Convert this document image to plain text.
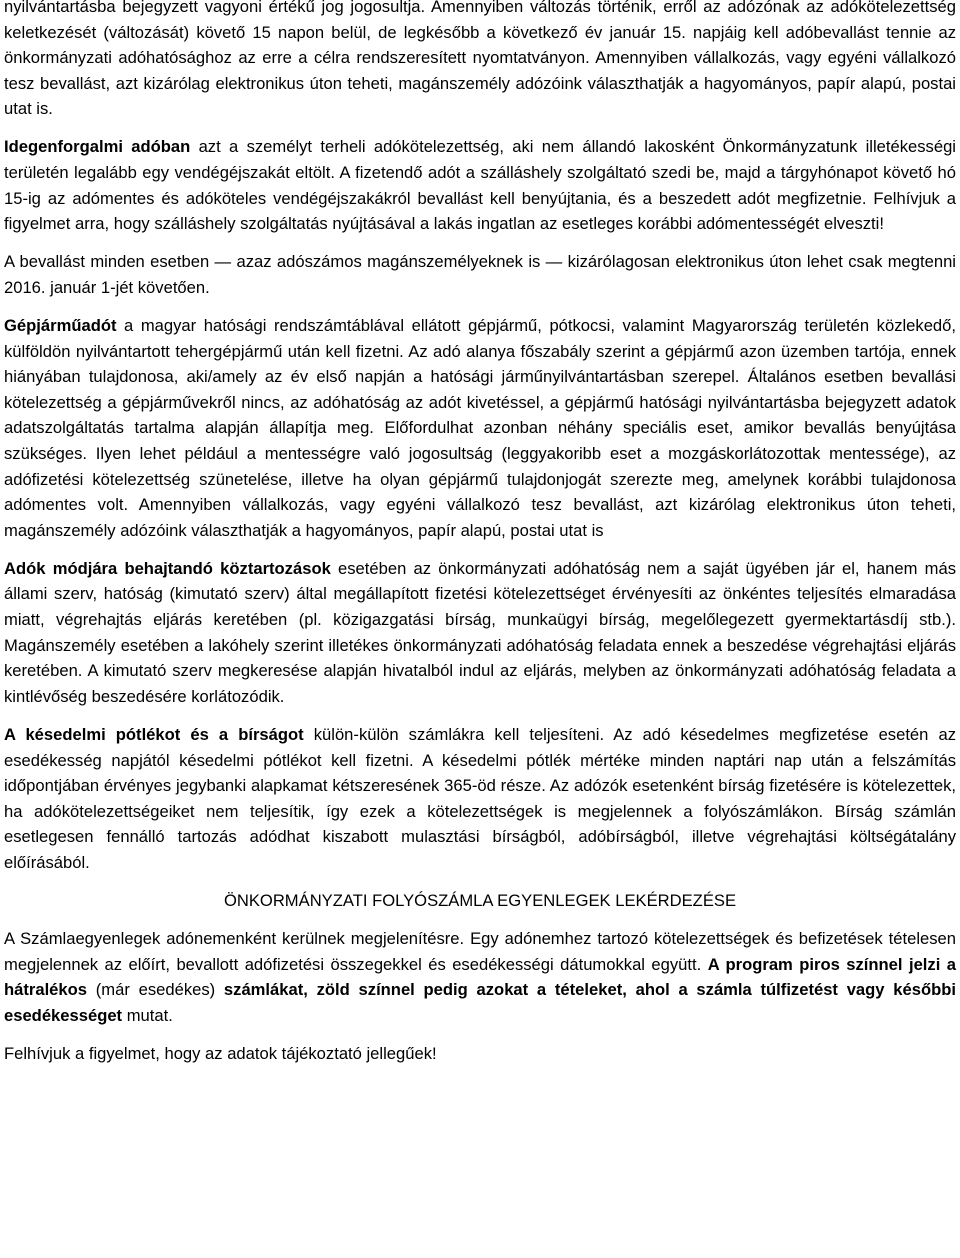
nyilvántartásba bejegyzett vagyoni értékű jog jogosultja. Amennyiben változás történik, erről az adózónak az adókötelezettség keletkezését (változását) követő 15 napon belül, de legkésőbb a következő év január 15. napjáig kell adóbevallást tennie az önkormányzati adóhatósághoz az erre a célra rendszeresített nyomtatványon. Amennyiben vállalkozás, vagy egyéni vállalkozó tesz bevallást, azt kizárólag elektronikus úton teheti, magánszemély adózóink választhatják a hagyományos, papír alapú, postai utat is.

Idegenforgalmi adóban azt a személyt terheli adókötelezettség, aki nem állandó lakosként Önkormányzatunk illetékességi területén legalább egy vendégéjszakát eltölt. A fizetendő adót a szálláshely szolgáltató szedi be, majd a tárgyhónapot követő hó 15-ig az adómentes és adóköteles vendégéjszakákról bevallást kell benyújtania, és a beszedett adót megfizetnie. Felhívjuk a figyelmet arra, hogy szálláshely szolgáltatás nyújtásával a lakás ingatlan az esetleges korábbi adómentességét elveszti!

A bevallást minden esetben — azaz adószámos magánszemélyeknek is — kizárólagosan elektronikus úton lehet csak megtenni 2016. január 1-jét követően.

Gépjárműadót a magyar hatósági rendszámtáblával ellátott gépjármű, pótkocsi, valamint Magyarország területén közlekedő, külföldön nyilvántartott tehergépjármű után kell fizetni. Az adó alanya főszabály szerint a gépjármű azon üzemben tartója, ennek hiányában tulajdonosa, aki/amely az év első napján a hatósági járműnyilvántartásban szerepel. Általános esetben bevallási kötelezettség a gépjárművekről nincs, az adóhatóság az adót kivetéssel, a gépjármű hatósági nyilvántartásba bejegyzett adatok adatszolgáltatás tartalma alapján állapítja meg. Előfordulhat azonban néhány speciális eset, amikor bevallás benyújtása szükséges. Ilyen lehet például a mentességre való jogosultság (leggyakoribb eset a mozgáskorlátozottak mentessége), az adófizetési kötelezettség szünetelése, illetve ha olyan gépjármű tulajdonjogát szerezte meg, amelynek korábbi tulajdonosa adómentes volt. Amennyiben vállalkozás, vagy egyéni vállalkozó tesz bevallást, azt kizárólag elektronikus úton teheti, magánszemély adózóink választhatják a hagyományos, papír alapú, postai utat is

Adók módjára behajtandó köztartozások esetében az önkormányzati adóhatóság nem a saját ügyében jár el, hanem más állami szerv, hatóság (kimutató szerv) által megállapított fizetési kötelezettséget érvényesíti az önkéntes teljesítés elmaradása miatt, végrehajtás eljárás keretében (pl. közigazgatási bírság, munkaügyi bírság, megelőlegezett gyermektartásdíj stb.). Magánszemély esetében a lakóhely szerint illetékes önkormányzati adóhatóság feladata ennek a beszedése végrehajtási eljárás keretében. A kimutató szerv megkeresése alapján hivatalból indul az eljárás, melyben az önkormányzati adóhatóság feladata a kintlévőség beszedésére korlátozódik.

A késedelmi pótlékot és a bírságot külön-külön számlákra kell teljesíteni. Az adó késedelmes megfizetése esetén az esedékesség napjától késedelmi pótlékot kell fizetni. A késedelmi pótlék mértéke minden naptári nap után a felszámítás időpontjában érvényes jegybanki alapkamat kétszeresének 365-öd része. Az adózók esetenként bírság fizetésére is kötelezettek, ha adókötelezettségeiket nem teljesítik, így ezek a kötelezettségek is megjelennek a folyószámlákon. Bírság számlán esetlegesen fennálló tartozás adódhat kiszabott mulasztási bírságból, adóbírságból, illetve végrehajtási költségátalány előírásából.

ÖNKORMÁNYZATI FOLYÓSZÁMLA EGYENLEGEK LEKÉRDEZÉSE

A Számlaegyenlegek adónemenként kerülnek megjelenítésre. Egy adónemhez tartozó kötelezettségek és befizetések tételesen megjelennek az előírt, bevallott adófizetési összegekkel és esedékességi dátumokkal együtt. A program piros színnel jelzi a hátralékos (már esedékes) számlákat, zöld színnel pedig azokat a tételeket, ahol a számla túlfizetést vagy későbbi esedékességet mutat.

Felhívjuk a figyelmet, hogy az adatok tájékoztató jellegűek!
